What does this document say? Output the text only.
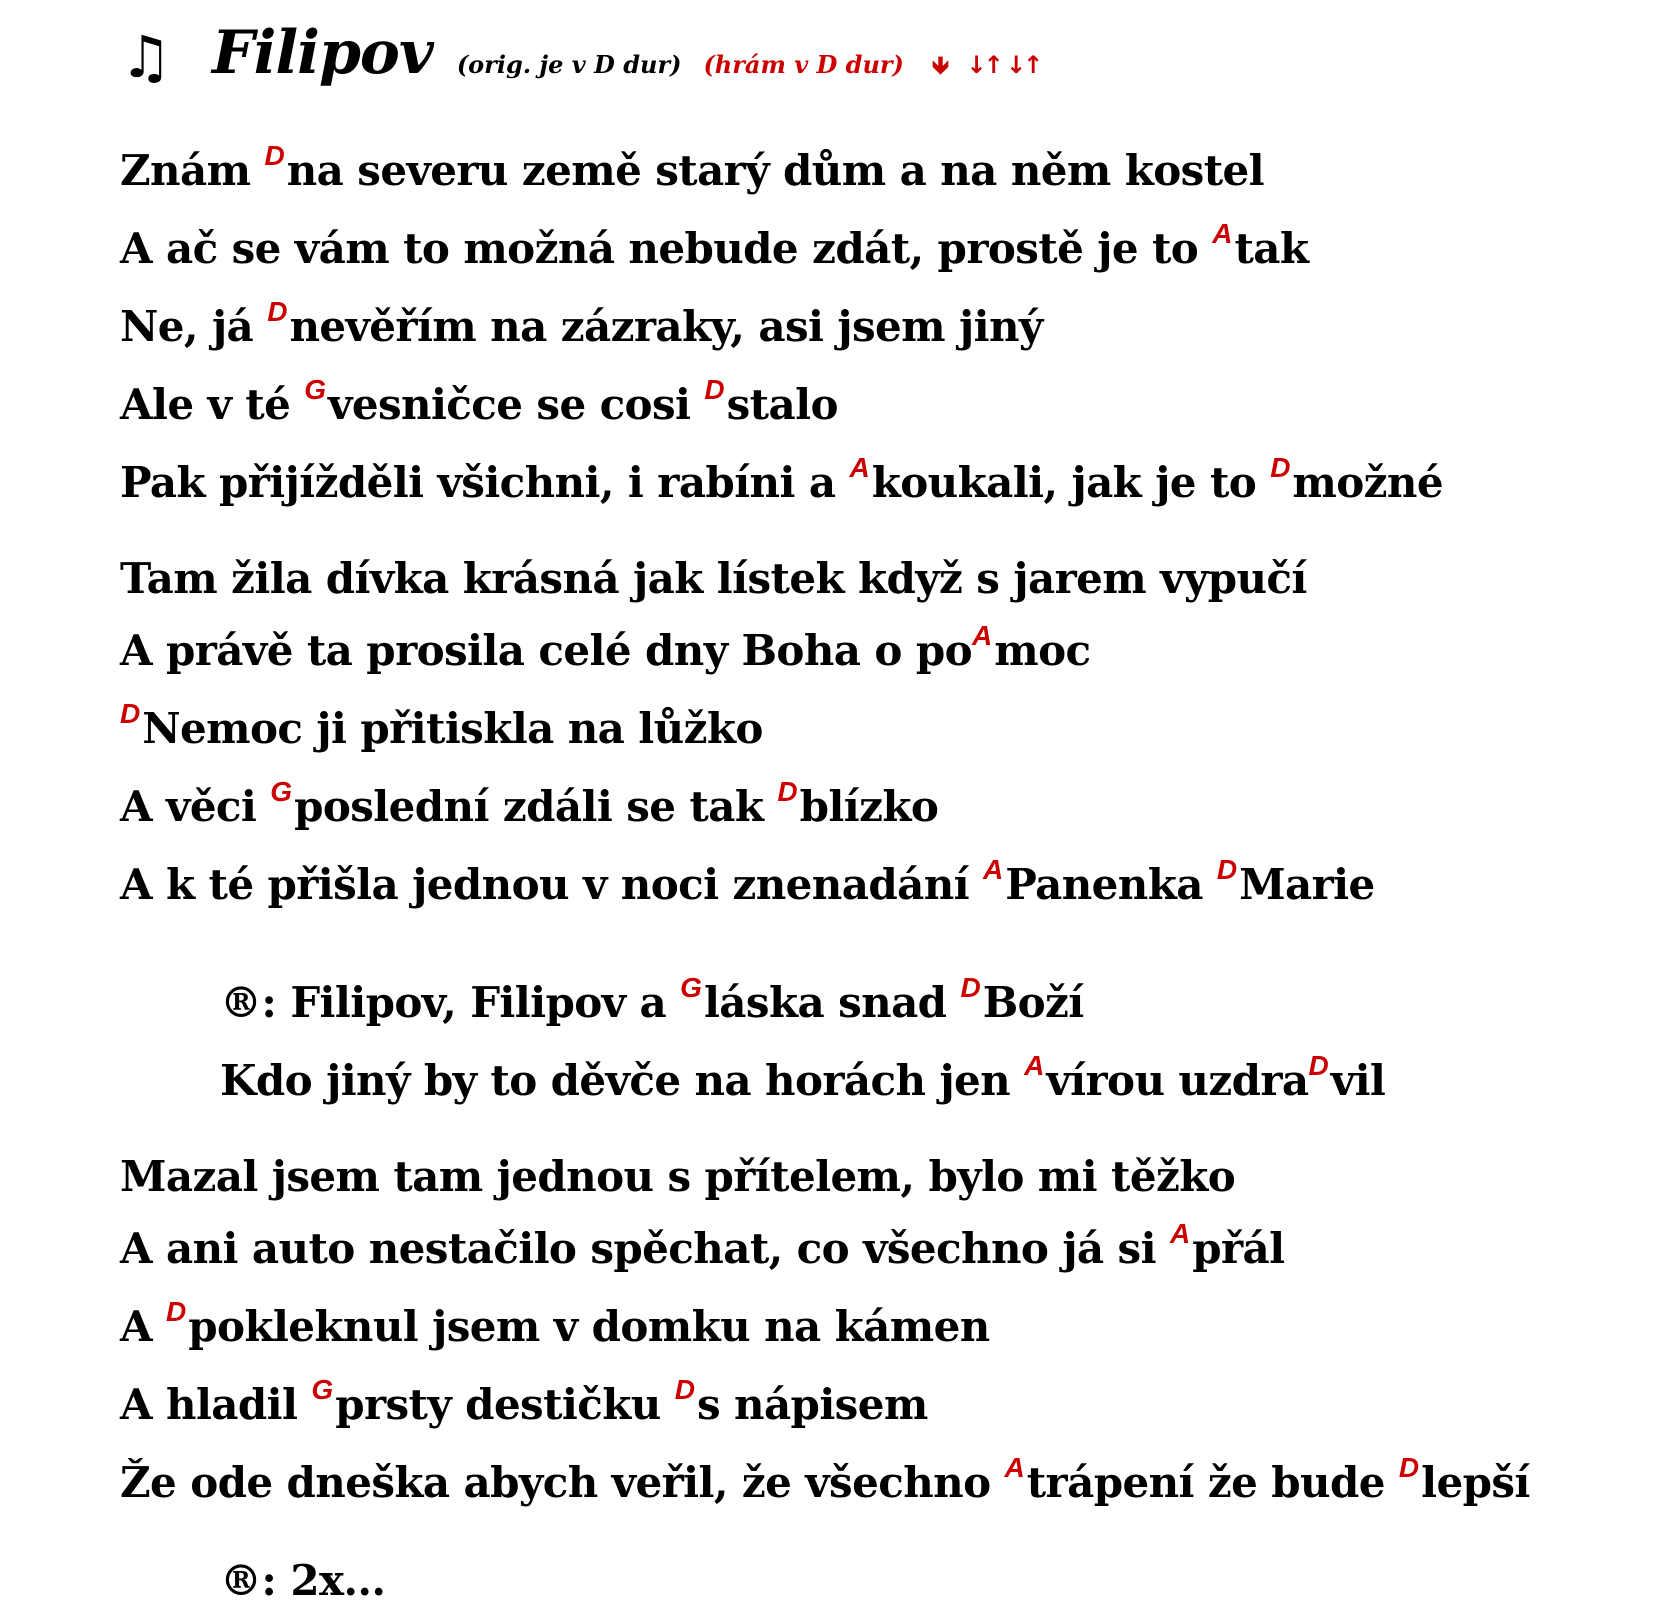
♫ Filipov (orig. je v D dur) (hrám v D dur) 🡻 ↓↑ ↓↑
Znám $^D$na severu země starý dům a na něm kostel
A ač se vám to možná nebude zdát, prostě je to $^A$tak
Ne, já $^D$nevěřím na zázraky, asi jsem jiný
Ale v té $^G$vesničce se cosi $^D$stalo
Pak přijížděli všichni, i rabíni a $^A$koukali, jak je to $^D$možné
Tam žila dívka krásná jak lístek když s jarem vypučí
A právě ta prosila celé dny Boha o $po^Amoc$
$^D$Nemoc ji přitiskla na lůžko
A věci $^G$poslední zdáli se tak $^D$blízko
A k té přišla jednou v noci znenadání $^A$Panenka $^D$Marie
®: Filipov, Filipov a $^G$láska snad $^D$Boží
Kdo jiný by to děvče na horách jen $^A$vírou uzdra$^D$vil
Mazal jsem tam jednou s přítelem, bylo mi těžko
A ani auto nestačilo spěchat, co všechno já si $^A$přál
A $^D$pokleknul jsem v domku na kámen
A hladil $^G$prsty destičku $^D$s nápisem
Že ode dneška abych veřil, že všechno $^A$trápení že bude $^D$lepší
®: 2x...
